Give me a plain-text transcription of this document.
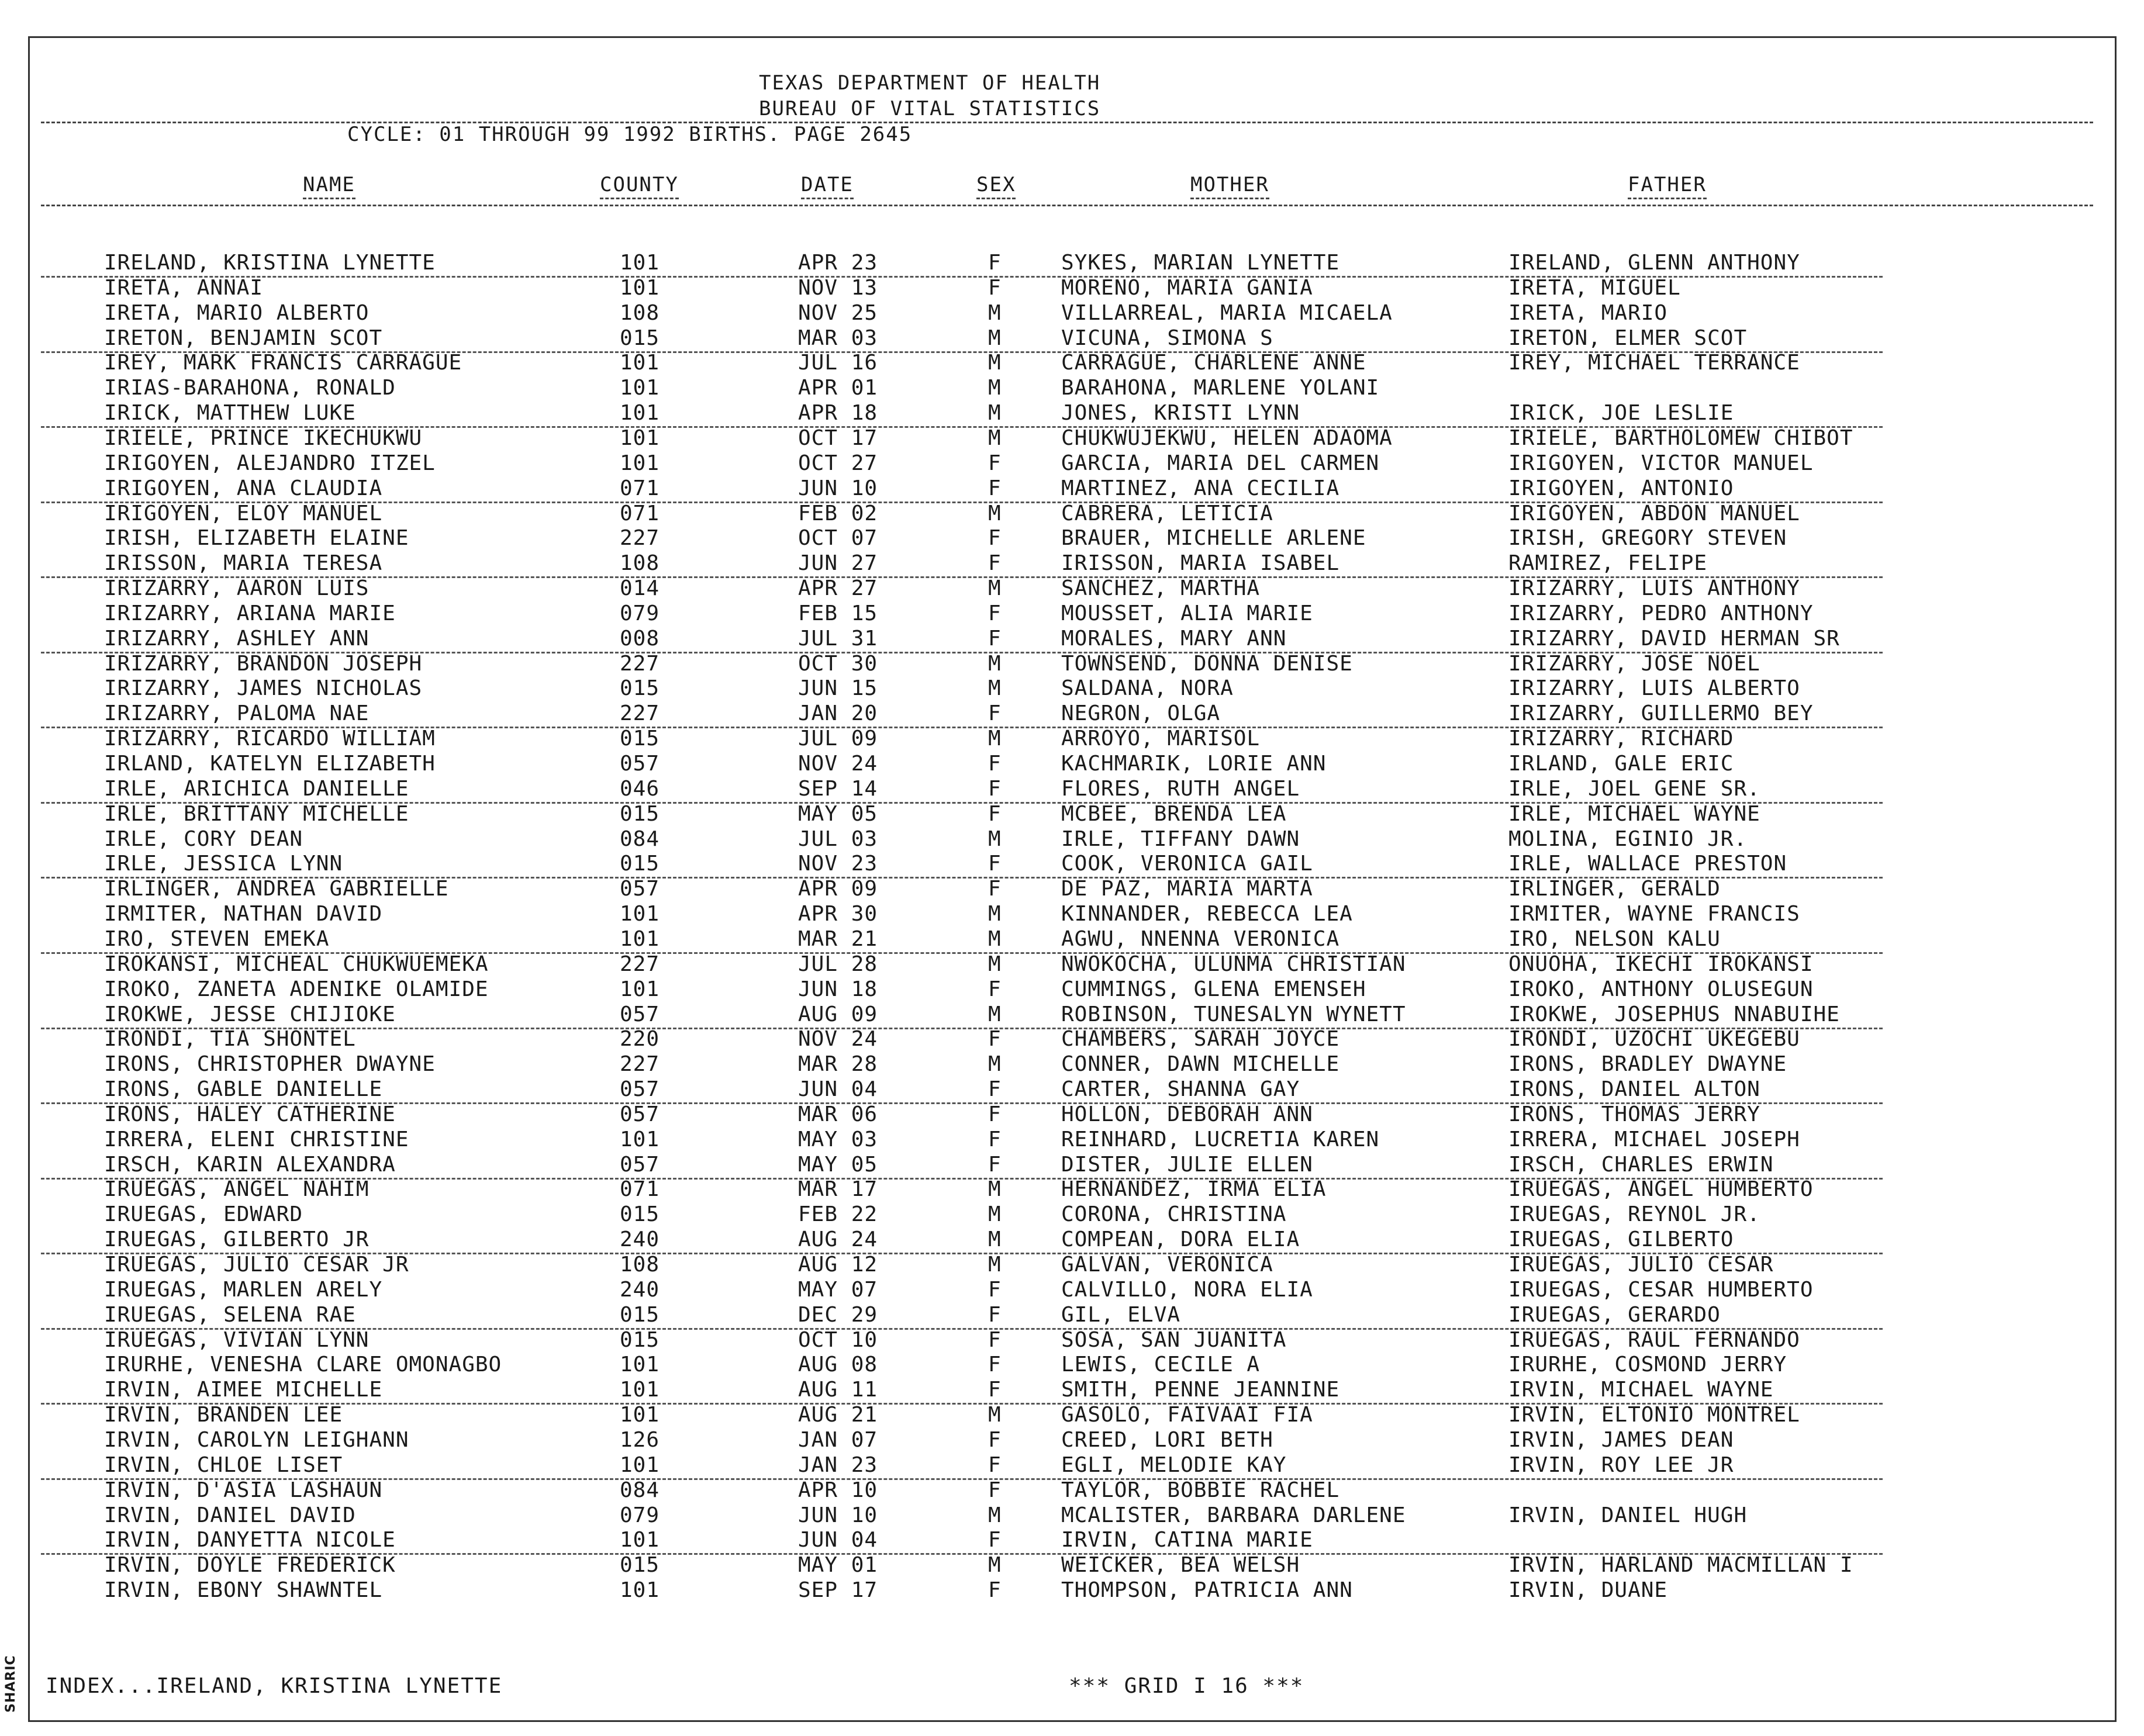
SHARIC
TEXAS DEPARTMENT OF HEALTH
BUREAU OF VITAL STATISTICS
CYCLE: 01 THROUGH 99 1992 BIRTHS. PAGE 2645
NAME	COUNTY	DATE	SEX	MOTHER	FATHER
IRELAND, KRISTINA LYNETTE	101	APR 23	F	SYKES, MARIAN LYNETTE	IRELAND, GLENN ANTHONY
IRETA, ANNAI	101	NOV 13	F	MORENO, MARIA GANIA	IRETA, MIGUEL
IRETA, MARIO ALBERTO	108	NOV 25	M	VILLARREAL, MARIA MICAELA	IRETA, MARIO
IRETON, BENJAMIN SCOT	015	MAR 03	M	VICUNA, SIMONA S	IRETON, ELMER SCOT
IREY, MARK FRANCIS CARRAGUE	101	JUL 16	M	CARRAGUE, CHARLENE ANNE	IREY, MICHAEL TERRANCE
IRIAS-BARAHONA, RONALD	101	APR 01	M	BARAHONA, MARLENE YOLANI
IRICK, MATTHEW LUKE	101	APR 18	M	JONES, KRISTI LYNN	IRICK, JOE LESLIE
IRIELE, PRINCE IKECHUKWU	101	OCT 17	M	CHUKWUJEKWU, HELEN ADAOMA	IRIELE, BARTHOLOMEW CHIBOT
IRIGOYEN, ALEJANDRO ITZEL	101	OCT 27	F	GARCIA, MARIA DEL CARMEN	IRIGOYEN, VICTOR MANUEL
IRIGOYEN, ANA CLAUDIA	071	JUN 10	F	MARTINEZ, ANA CECILIA	IRIGOYEN, ANTONIO
IRIGOYEN, ELOY MANUEL	071	FEB 02	M	CABRERA, LETICIA	IRIGOYEN, ABDON MANUEL
IRISH, ELIZABETH ELAINE	227	OCT 07	F	BRAUER, MICHELLE ARLENE	IRISH, GREGORY STEVEN
IRISSON, MARIA TERESA	108	JUN 27	F	IRISSON, MARIA ISABEL	RAMIREZ, FELIPE
IRIZARRY, AARON LUIS	014	APR 27	M	SANCHEZ, MARTHA	IRIZARRY, LUIS ANTHONY
IRIZARRY, ARIANA MARIE	079	FEB 15	F	MOUSSET, ALIA MARIE	IRIZARRY, PEDRO ANTHONY
IRIZARRY, ASHLEY ANN	008	JUL 31	F	MORALES, MARY ANN	IRIZARRY, DAVID HERMAN SR
IRIZARRY, BRANDON JOSEPH	227	OCT 30	M	TOWNSEND, DONNA DENISE	IRIZARRY, JOSE NOEL
IRIZARRY, JAMES NICHOLAS	015	JUN 15	M	SALDANA, NORA	IRIZARRY, LUIS ALBERTO
IRIZARRY, PALOMA NAE	227	JAN 20	F	NEGRON, OLGA	IRIZARRY, GUILLERMO BEY
IRIZARRY, RICARDO WILLIAM	015	JUL 09	M	ARROYO, MARISOL	IRIZARRY, RICHARD
IRLAND, KATELYN ELIZABETH	057	NOV 24	F	KACHMARIK, LORIE ANN	IRLAND, GALE ERIC
IRLE, ARICHICA DANIELLE	046	SEP 14	F	FLORES, RUTH ANGEL	IRLE, JOEL GENE SR.
IRLE, BRITTANY MICHELLE	015	MAY 05	F	MCBEE, BRENDA LEA	IRLE, MICHAEL WAYNE
IRLE, CORY DEAN	084	JUL 03	M	IRLE, TIFFANY DAWN	MOLINA, EGINIO JR.
IRLE, JESSICA LYNN	015	NOV 23	F	COOK, VERONICA GAIL	IRLE, WALLACE PRESTON
IRLINGER, ANDREA GABRIELLE	057	APR 09	F	DE PAZ, MARIA MARTA	IRLINGER, GERALD
IRMITER, NATHAN DAVID	101	APR 30	M	KINNANDER, REBECCA LEA	IRMITER, WAYNE FRANCIS
IRO, STEVEN EMEKA	101	MAR 21	M	AGWU, NNENNA VERONICA	IRO, NELSON KALU
IROKANSI, MICHEAL CHUKWUEMEKA	227	JUL 28	M	NWOKOCHA, ULUNMA CHRISTIAN	ONUOHA, IKECHI IROKANSI
IROKO, ZANETA ADENIKE OLAMIDE	101	JUN 18	F	CUMMINGS, GLENA EMENSEH	IROKO, ANTHONY OLUSEGUN
IROKWE, JESSE CHIJIOKE	057	AUG 09	M	ROBINSON, TUNESALYN WYNETT	IROKWE, JOSEPHUS NNABUIHE
IRONDI, TIA SHONTEL	220	NOV 24	F	CHAMBERS, SARAH JOYCE	IRONDI, UZOCHI UKEGEBU
IRONS, CHRISTOPHER DWAYNE	227	MAR 28	M	CONNER, DAWN MICHELLE	IRONS, BRADLEY DWAYNE
IRONS, GABLE DANIELLE	057	JUN 04	F	CARTER, SHANNA GAY	IRONS, DANIEL ALTON
IRONS, HALEY CATHERINE	057	MAR 06	F	HOLLON, DEBORAH ANN	IRONS, THOMAS JERRY
IRRERA, ELENI CHRISTINE	101	MAY 03	F	REINHARD, LUCRETIA KAREN	IRRERA, MICHAEL JOSEPH
IRSCH, KARIN ALEXANDRA	057	MAY 05	F	DISTER, JULIE ELLEN	IRSCH, CHARLES ERWIN
IRUEGAS, ANGEL NAHIM	071	MAR 17	M	HERNANDEZ, IRMA ELIA	IRUEGAS, ANGEL HUMBERTO
IRUEGAS, EDWARD	015	FEB 22	M	CORONA, CHRISTINA	IRUEGAS, REYNOL JR.
IRUEGAS, GILBERTO JR	240	AUG 24	M	COMPEAN, DORA ELIA	IRUEGAS, GILBERTO
IRUEGAS, JULIO CESAR JR	108	AUG 12	M	GALVAN, VERONICA	IRUEGAS, JULIO CESAR
IRUEGAS, MARLEN ARELY	240	MAY 07	F	CALVILLO, NORA ELIA	IRUEGAS, CESAR HUMBERTO
IRUEGAS, SELENA RAE	015	DEC 29	F	GIL, ELVA	IRUEGAS, GERARDO
IRUEGAS, VIVIAN LYNN	015	OCT 10	F	SOSA, SAN JUANITA	IRUEGAS, RAUL FERNANDO
IRURHE, VENESHA CLARE OMONAGBO	101	AUG 08	F	LEWIS, CECILE A	IRURHE, COSMOND JERRY
IRVIN, AIMEE MICHELLE	101	AUG 11	F	SMITH, PENNE JEANNINE	IRVIN, MICHAEL WAYNE
IRVIN, BRANDEN LEE	101	AUG 21	M	GASOLO, FAIVAAI FIA	IRVIN, ELTONIO MONTREL
IRVIN, CAROLYN LEIGHANN	126	JAN 07	F	CREED, LORI BETH	IRVIN, JAMES DEAN
IRVIN, CHLOE LISET	101	JAN 23	F	EGLI, MELODIE KAY	IRVIN, ROY LEE JR
IRVIN, D'ASIA LASHAUN	084	APR 10	F	TAYLOR, BOBBIE RACHEL
IRVIN, DANIEL DAVID	079	JUN 10	M	MCALISTER, BARBARA DARLENE	IRVIN, DANIEL HUGH
IRVIN, DANYETTA NICOLE	101	JUN 04	F	IRVIN, CATINA MARIE
IRVIN, DOYLE FREDERICK	015	MAY 01	M	WEICKER, BEA WELSH	IRVIN, HARLAND MACMILLAN I
IRVIN, EBONY SHAWNTEL	101	SEP 17	F	THOMPSON, PATRICIA ANN	IRVIN, DUANE
INDEX...IRELAND, KRISTINA LYNETTE	*** GRID I 16 ***
